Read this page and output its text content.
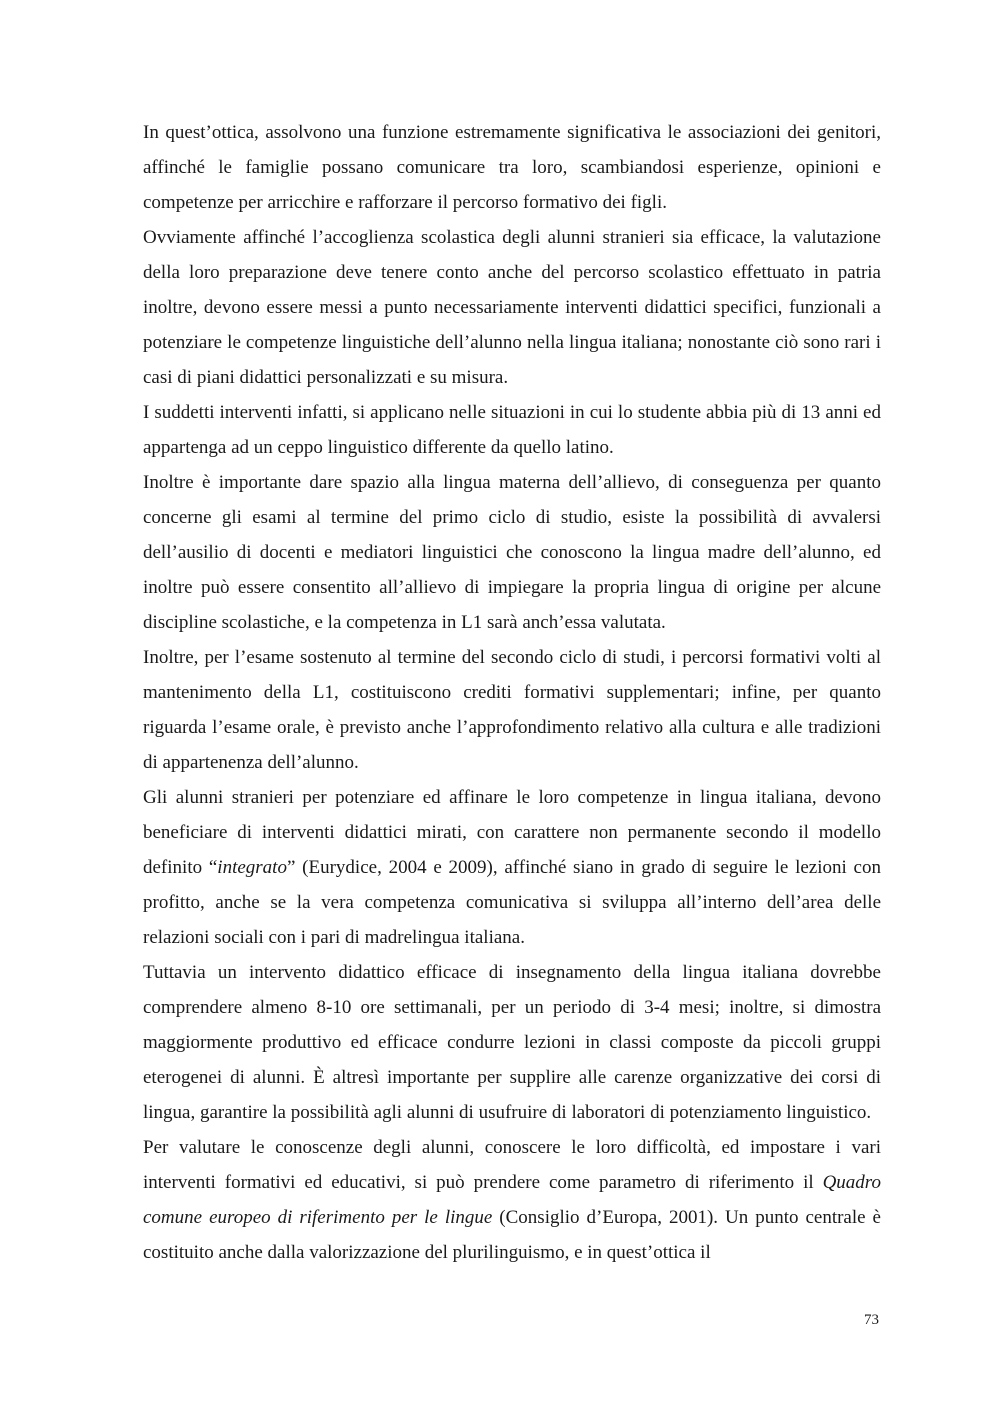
In quest’ottica, assolvono una funzione estremamente significativa le associazioni dei genitori, affinché le famiglie possano comunicare tra loro, scambiandosi esperienze, opinioni e competenze per arricchire e rafforzare il percorso formativo dei figli.

Ovviamente affinché l’accoglienza scolastica degli alunni stranieri sia efficace, la valutazione della loro preparazione deve tenere conto anche del percorso scolastico effettuato in patria inoltre, devono essere messi a punto necessariamente interventi didattici specifici, funzionali a potenziare le competenze linguistiche dell’alunno nella lingua italiana; nonostante ciò sono rari i casi di piani didattici personalizzati e su misura.

I suddetti interventi infatti, si applicano nelle situazioni in cui lo studente abbia più di 13 anni ed appartenga ad un ceppo linguistico differente da quello latino.

Inoltre è importante dare spazio alla lingua materna dell’allievo, di conseguenza per quanto concerne gli esami al termine del primo ciclo di studio, esiste la possibilità di avvalersi dell’ausilio di docenti e mediatori linguistici che conoscono la lingua madre dell’alunno, ed inoltre può essere consentito all’allievo di impiegare la propria lingua di origine per alcune discipline scolastiche, e la competenza in L1 sarà anch’essa valutata.

Inoltre, per l’esame sostenuto al termine del secondo ciclo di studi, i percorsi formativi volti al mantenimento della L1, costituiscono crediti formativi supplementari; infine, per quanto riguarda l’esame orale, è previsto anche l’approfondimento relativo alla cultura e alle tradizioni di appartenenza dell’alunno.

Gli alunni stranieri per potenziare ed affinare le loro competenze in lingua italiana, devono beneficiare di interventi didattici mirati, con carattere non permanente secondo il modello definito “integrato” (Eurydice, 2004 e 2009), affinché siano in grado di seguire le lezioni con profitto, anche se la vera competenza comunicativa si sviluppa all’interno dell’area delle relazioni sociali con i pari di madrelingua italiana.

Tuttavia un intervento didattico efficace di insegnamento della lingua italiana dovrebbe comprendere almeno 8-10 ore settimanali, per un periodo di 3-4 mesi; inoltre, si dimostra maggiormente produttivo ed efficace condurre lezioni in classi composte da piccoli gruppi eterogenei di alunni. È altresì importante per supplire alle carenze organizzative dei corsi di lingua, garantire la possibilità agli alunni di usufruire di laboratori di potenziamento linguistico.

Per valutare le conoscenze degli alunni, conoscere le loro difficoltà, ed impostare i vari interventi formativi ed educativi, si può prendere come parametro di riferimento il Quadro comune europeo di riferimento per le lingue (Consiglio d’Europa, 2001). Un punto centrale è costituito anche dalla valorizzazione del plurilinguismo, e in quest’ottica il

73
